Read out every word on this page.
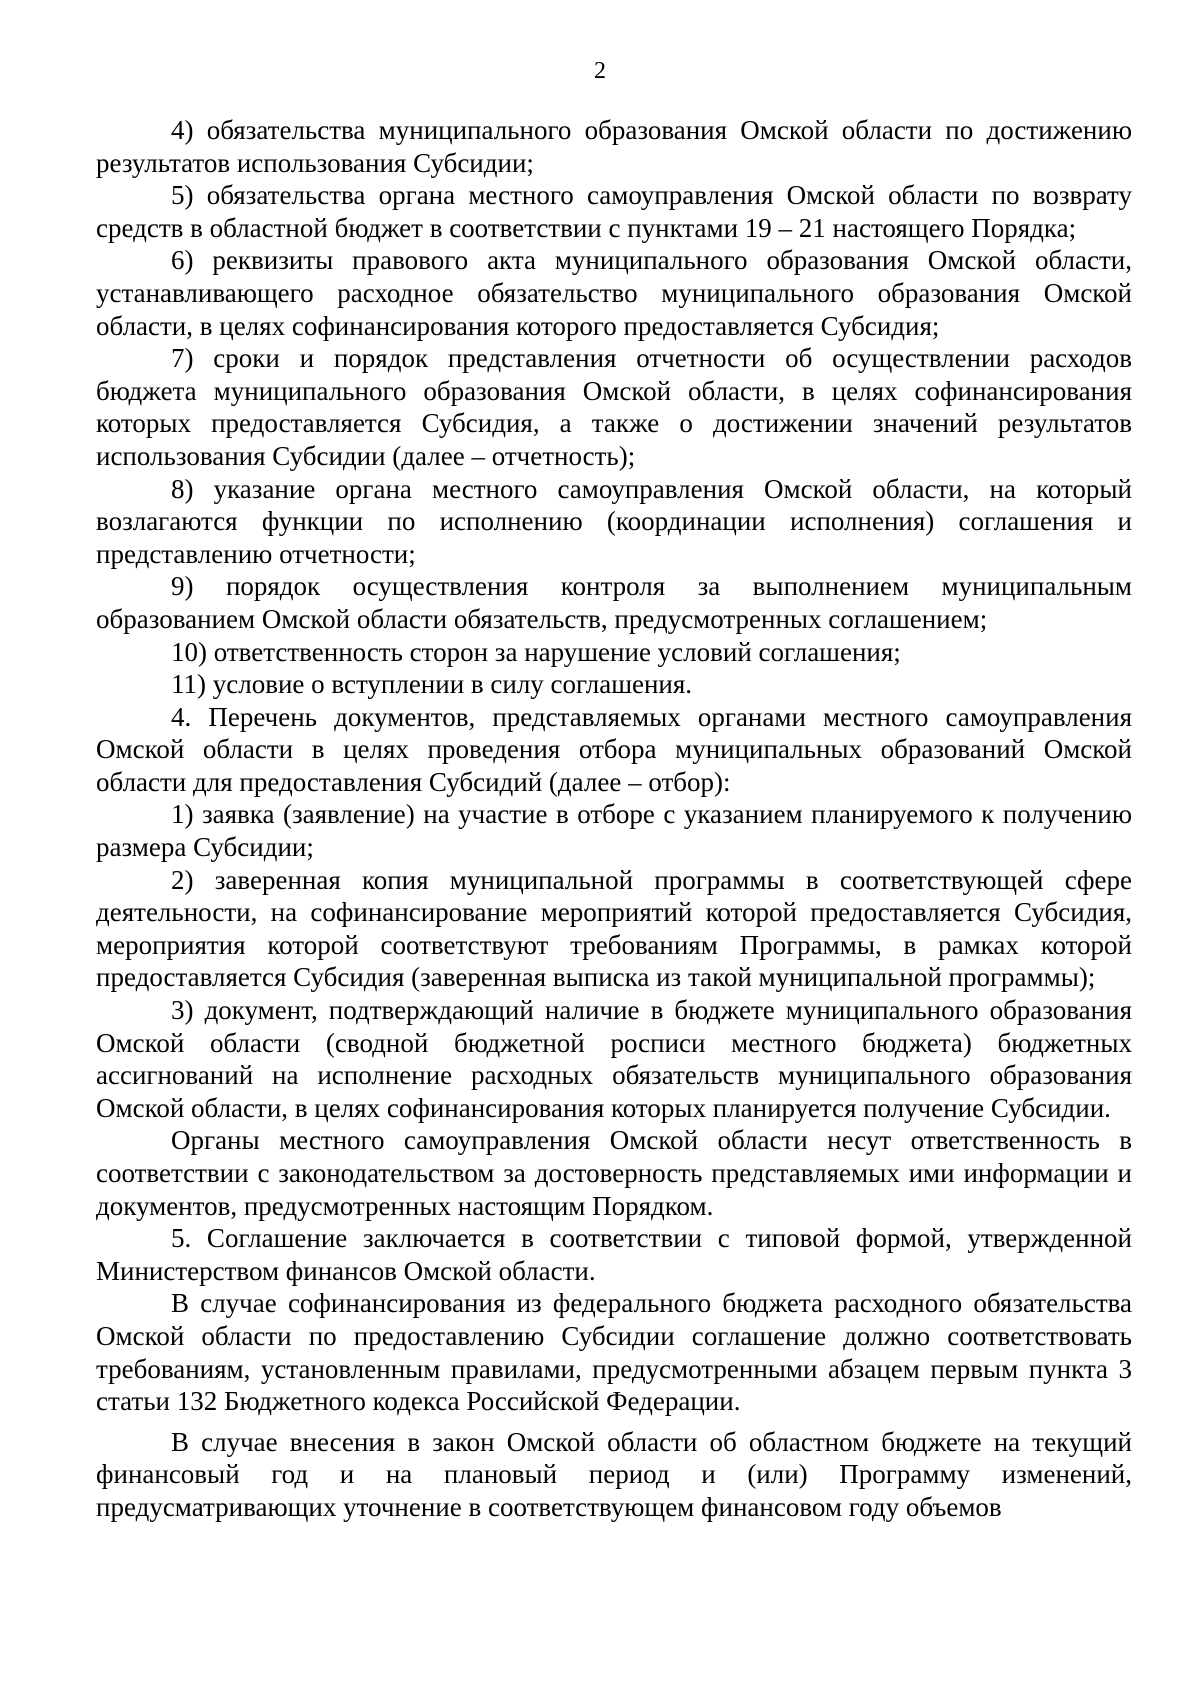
2

4) обязательства муниципального образования Омской области по достижению результатов использования Субсидии;

5) обязательства органа местного самоуправления Омской области по возврату средств в областной бюджет в соответствии с пунктами 19 – 21 настоящего Порядка;

6) реквизиты правового акта муниципального образования Омской области, устанавливающего расходное обязательство муниципального образования Омской области, в целях софинансирования которого предоставляется Субсидия;

7) сроки и порядок представления отчетности об осуществлении расходов бюджета муниципального образования Омской области, в целях софинансирования которых предоставляется Субсидия, а также о достижении значений результатов использования Субсидии (далее – отчетность);

8) указание органа местного самоуправления Омской области, на который возлагаются функции по исполнению (координации исполнения) соглашения и представлению отчетности;

9) порядок осуществления контроля за выполнением муниципальным образованием Омской области обязательств, предусмотренных соглашением;

10) ответственность сторон за нарушение условий соглашения;

11) условие о вступлении в силу соглашения.

4. Перечень документов, представляемых органами местного самоуправления Омской области в целях проведения отбора муниципальных образований Омской области для предоставления Субсидий (далее – отбор):

1) заявка (заявление) на участие в отборе с указанием планируемого к получению размера Субсидии;

2) заверенная копия муниципальной программы в соответствующей сфере деятельности, на софинансирование мероприятий которой предоставляется Субсидия, мероприятия которой соответствуют требованиям Программы, в рамках которой предоставляется Субсидия (заверенная выписка из такой муниципальной программы);

3) документ, подтверждающий наличие в бюджете муниципального образования Омской области (сводной бюджетной росписи местного бюджета) бюджетных ассигнований на исполнение расходных обязательств муниципального образования Омской области, в целях софинансирования которых планируется получение Субсидии.

Органы местного самоуправления Омской области несут ответственность в соответствии с законодательством за достоверность представляемых ими информации и документов, предусмотренных настоящим Порядком.

5. Соглашение заключается в соответствии с типовой формой, утвержденной Министерством финансов Омской области.

В случае софинансирования из федерального бюджета расходного обязательства Омской области по предоставлению Субсидии соглашение должно соответствовать требованиям, установленным правилами, предусмотренными абзацем первым пункта 3 статьи 132 Бюджетного кодекса Российской Федерации.

В случае внесения в закон Омской области об областном бюджете на текущий финансовый год и на плановый период и (или) Программу изменений, предусматривающих уточнение в соответствующем финансовом году объемов
